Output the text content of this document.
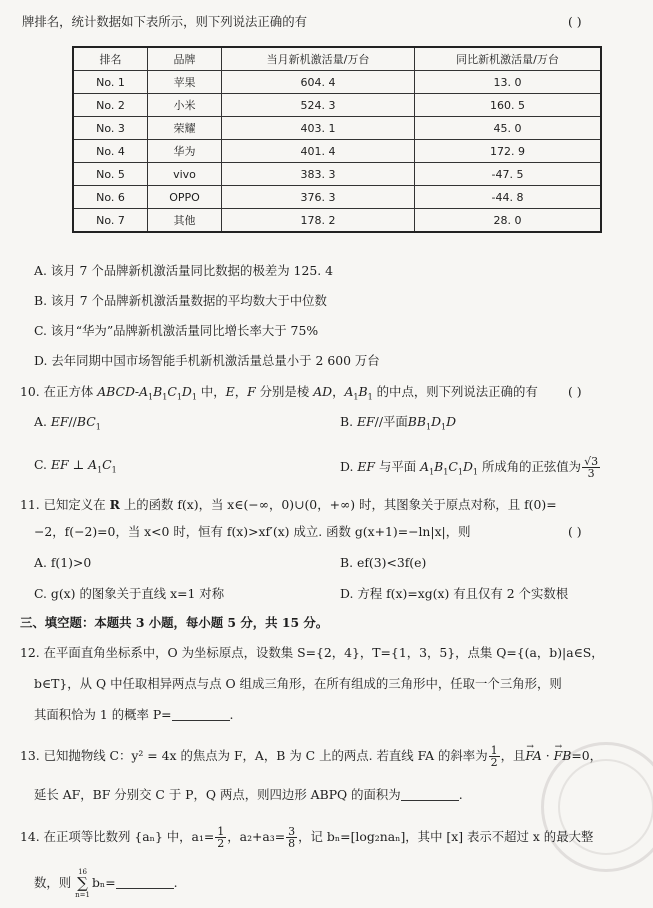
牌排名，统计数据如下表所示，则下列说法正确的有	( )
排名	品牌	当月新机激活量/万台	同比新机激活量/万台
No. 1	苹果	604. 4	13. 0
No. 2	小米	524. 3	160. 5
No. 3	荣耀	403. 1	45. 0
No. 4	华为	401. 4	172. 9
No. 5	vivo	383. 3	-47. 5
No. 6	OPPO	376. 3	-44. 8
No. 7	其他	178. 2	28. 0
A. 该月 7 个品牌新机激活量同比数据的极差为 125. 4
B. 该月 7 个品牌新机激活量数据的平均数大于中位数
C. 该月“华为”品牌新机激活量同比增长率大于 75%
D. 去年同期中国市场智能手机新机激活量总量小于 2 600 万台
10. 在正方体 ABCD-$A_1B_1C_1D_1$ 中，E，F 分别是棱 AD，$A_1B_1$ 的中点，则下列说法正确的有 ( )
A. $EF//BC_1$	B. EF//平面$BB_1D_1D$
C. EF ⊥ $A_1C_1$	D. EF 与平面 $A_1B_1C_1D_1$ 所成角的正弦值为 $\frac{√3}{3}$
11. 已知定义在 R 上的函数 f(x)，当 x∈(−∞，0)∪(0，+∞) 时，其图象关于原点对称，且 f(0)=
−2，f(−2)=0，当 x<0 时，恒有 f(x)>xf′(x) 成立. 函数 g(x+1)=−ln|x|，则	( )
A. f(1)>0	B. ef(3)<3f(e)
C. g(x) 的图象关于直线 x=1 对称	D. 方程 f(x)=xg(x) 有且仅有 2 个实数根
三、填空题：本题共 3 小题，每小题 5 分，共 15 分。
12. 在平面直角坐标系中，O 为坐标原点，设数集 S={2，4}，T={1，3，5}，点集 Q={(a，b)|a∈S，
b∈T}，从 Q 中任取相异两点与点 O 组成三角形，在所有组成的三角形中，任取一个三角形，则
其面积恰为 1 的概率 P=	.
13. 已知抛物线 C：y² = 4x 的焦点为 F，A，B 为 C 上的两点. 若直线 FA 的斜率为 $\frac{1}{2}$ ，且→ FA · → FB=0，
延长 AF，BF 分别交 C 于 P，Q 两点，则四边形 ABPQ 的面积为	.
14. 在正项等比数列 {aₙ} 中，$a_1= \frac{1}{2}$ ，$a_2+a_3= \frac{3}{8}$ ，记 bₙ=[log₂naₙ]，其中 [x] 表示不超过 x 的最大整
数，则 16
∑
n=1bₙ=	.
